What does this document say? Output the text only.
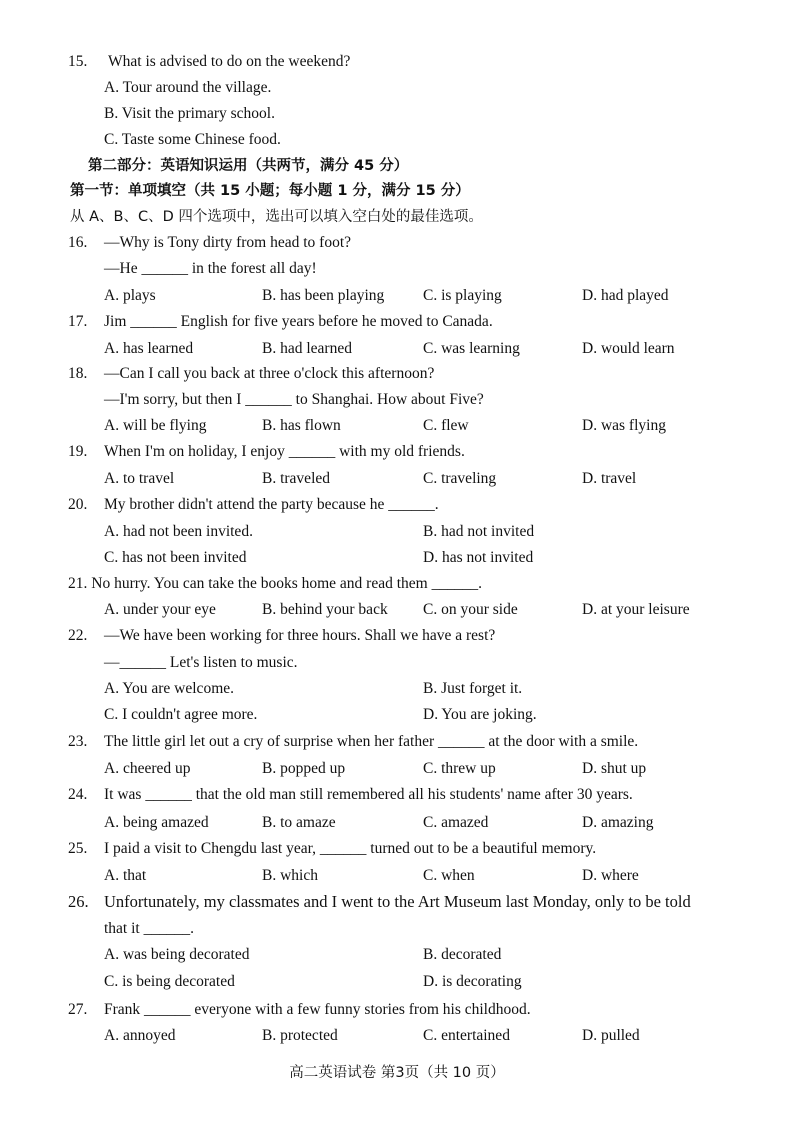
15. What is advised to do on the weekend?
A. Tour around the village.
B. Visit the primary school.
C. Taste some Chinese food.
第二部分：英语知识运用（共两节，满分 45 分）
第一节：单项填空（共 15 小题；每小题 1 分，满分 15 分）
从 A、B、C、D 四个选项中，选出可以填入空白处的最佳选项。
16. —Why is Tony dirty from head to foot?
—He ______ in the forest all day!
A. plays	B. has been playing C. is playing	D. had played
17. Jim ______ English for five years before he moved to Canada.
A. has learned	B. had learned	C. was learning	D. would learn
18. —Can I call you back at three o'clock this afternoon?
—I'm sorry, but then I ______ to Shanghai. How about Five?
A. will be flying	B. has flown	C. flew	D. was flying
19. When I'm on holiday, I enjoy ______ with my old friends.
A. to travel	B. traveled	C. traveling	D. travel
20. My brother didn't attend the party because he ______.
A. had not been invited.	B. had not invited
C. has not been invited	D. has not invited
21. No hurry. You can take the books home and read them ______.
A. under your eye	B. behind your back C. on your side	D. at your leisure
22. —We have been working for three hours. Shall we have a rest?
—______ Let's listen to music.
A. You are welcome.	B. Just forget it.
C. I couldn't agree more.	D. You are joking.
23. The little girl let out a cry of surprise when her father ______ at the door with a smile.
A. cheered up	B. popped up	C. threw up	D. shut up
24. It was ______ that the old man still remembered all his students' name after 30 years.
A. being amazed	B. to amaze	C. amazed	D. amazing
25. I paid a visit to Chengdu last year, ______ turned out to be a beautiful memory.
A. that	B. which	C. when	D. where
26. Unfortunately, my classmates and I went to the Art Museum last Monday, only to be told
that it ______.
A. was being decorated	B. decorated
C. is being decorated	D. is decorating
27. Frank ______ everyone with a few funny stories from his childhood.
A. annoyed	B. protected	C. entertained	D. pulled
高二英语试卷 第3页（共 10 页）
